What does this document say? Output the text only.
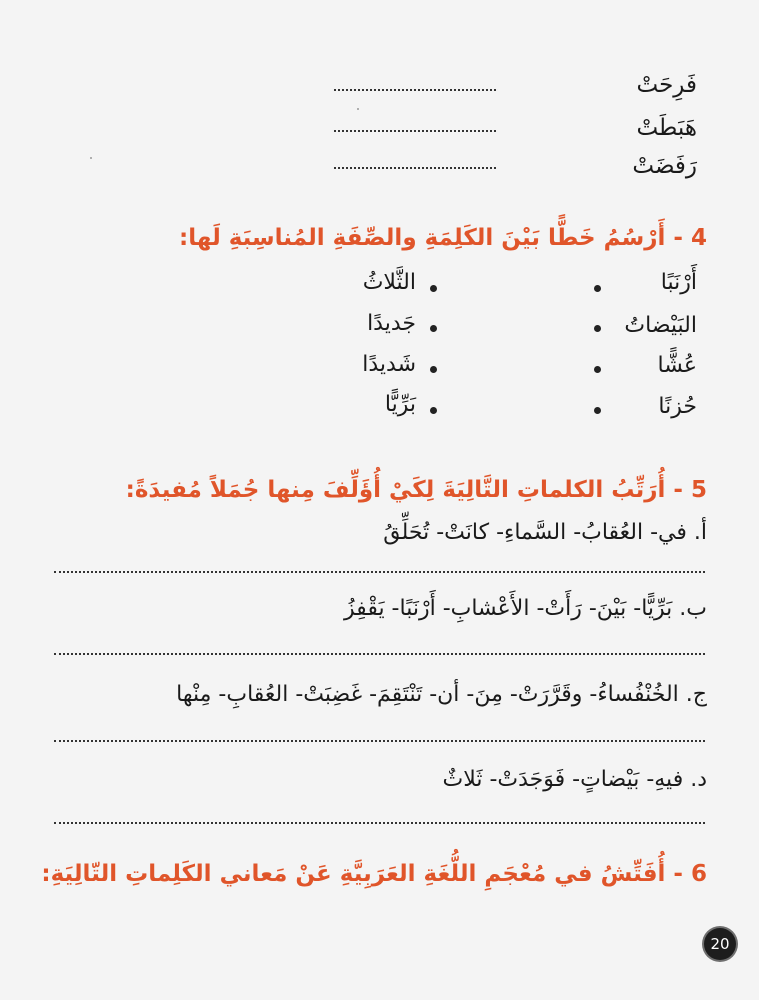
فَرِحَتْ
هَبَطَتْ
رَفَضَتْ
4 - أَرْسُمُ خَطًّا بَيْنَ الكَلِمَةِ والصِّفَةِ المُناسِبَةِ لَها:
أَرْنَبًا
الثَّلاثُ
البَيْضاتُ
جَديدًا
عُشًّا
شَديدًا
حُزنًا
بَرِّيًّا
5 - أُرَتِّبُ الكلماتِ التَّالِيَةَ لِكَيْ أُؤَلِّفَ مِنها جُمَلاً مُفيدَةً:
أ. في- العُقابُ- السَّماءِ- كانَتْ- تُحَلِّقُ
ب. بَرِّيًّا- بَيْنَ- رَأَتْ- الأَعْشابِ- أَرْنَبًا- يَقْفِزُ
ج. الخُنْفُساءُ- وقَرَّرَتْ- مِنَ- أن- تَنْتَقِمَ- غَضِبَتْ- العُقابِ- مِنْها
د. فيهِ- بَيْضاتٍ- فَوَجَدَتْ- ثَلاثٌ
6 - أُفَتِّشُ في مُعْجَمِ اللُّغَةِ العَرَبِيَّةِ عَنْ مَعاني الكَلِماتِ التّالِيَةِ:
20
